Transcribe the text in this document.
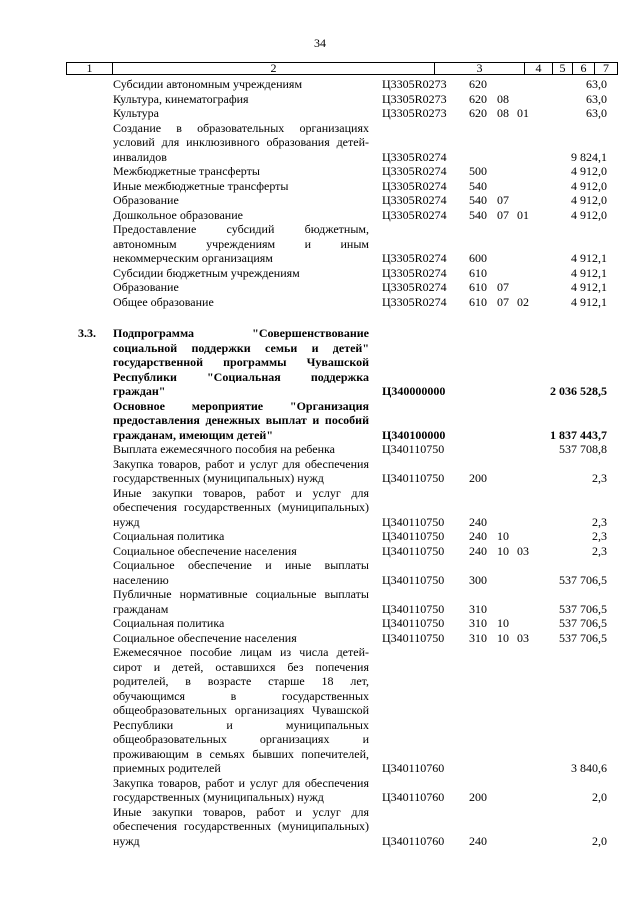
34
1	2	3	4	5	6	7
Субсидии автономным учреждениям	Ц3305R0273 620	63,0
Культура, кинематография	Ц3305R0273 620 08	63,0
Культура	Ц3305R0273 620 08 01	63,0
Создание в образовательных организациях условий для инклюзивного образования детей-инвалидов	Ц3305R0274	9 824,1
Межбюджетные трансферты	Ц3305R0274 500	4 912,0
Иные межбюджетные трансферты	Ц3305R0274 540	4 912,0
Образование	Ц3305R0274 540 07	4 912,0
Дошкольное образование	Ц3305R0274 540 07 01	4 912,0
Предоставление субсидий бюджетным, автономным учреждениям и иным некоммерческим организациям	Ц3305R0274 600	4 912,1
Субсидии бюджетным учреждениям	Ц3305R0274 610	4 912,1
Образование	Ц3305R0274 610 07	4 912,1
Общее образование	Ц3305R0274 610 07 02	4 912,1
3.3. Подпрограмма "Совершенствование социальной поддержки семьи и детей" государственной программы Чувашской Республики "Социальная поддержка граждан"	Ц340000000	2 036 528,5
Основное мероприятие "Организация предоставления денежных выплат и пособий гражданам, имеющим детей"	Ц340100000	1 837 443,7
Выплата ежемесячного пособия на ребенка	Ц340110750	537 708,8
Закупка товаров, работ и услуг для обеспечения государственных (муниципальных) нужд	Ц340110750 200	2,3
Иные закупки товаров, работ и услуг для обеспечения государственных (муниципальных) нужд	Ц340110750 240	2,3
Социальная политика	Ц340110750 240 10	2,3
Социальное обеспечение населения	Ц340110750 240 10 03	2,3
Социальное обеспечение и иные выплаты населению	Ц340110750 300	537 706,5
Публичные нормативные социальные выплаты гражданам	Ц340110750 310	537 706,5
Социальная политика	Ц340110750 310 10	537 706,5
Социальное обеспечение населения	Ц340110750 310 10 03	537 706,5
Ежемесячное пособие лицам из числа детей-сирот и детей, оставшихся без попечения родителей, в возрасте старше 18 лет, обучающимся в государственных общеобразовательных организациях Чувашской Республики и муниципальных общеобразовательных организациях и проживающим в семьях бывших попечителей, приемных родителей	Ц340110760	3 840,6
Закупка товаров, работ и услуг для обеспечения государственных (муниципальных) нужд	Ц340110760 200	2,0
Иные закупки товаров, работ и услуг для обеспечения государственных (муниципальных) нужд	Ц340110760 240	2,0
